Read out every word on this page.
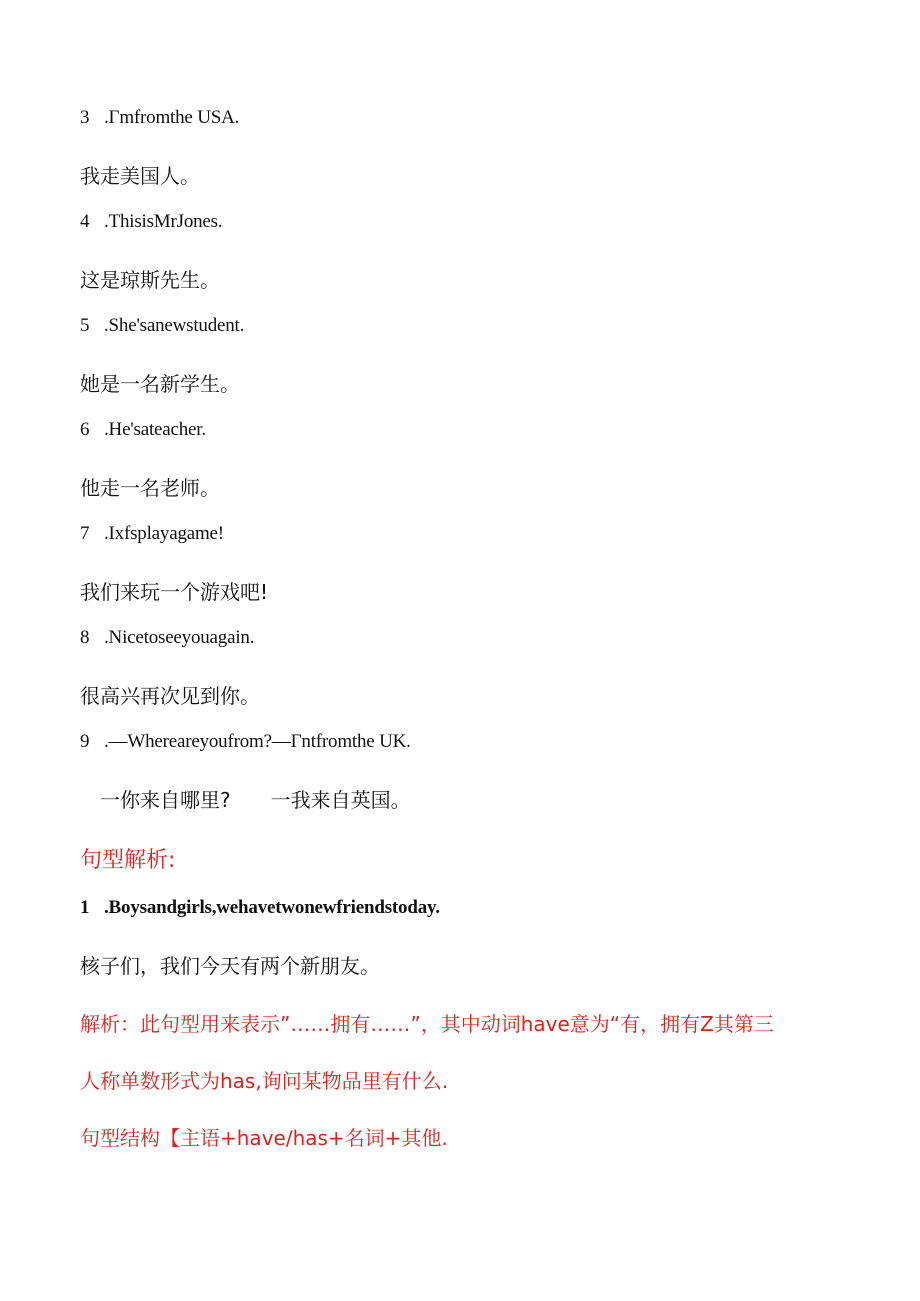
3 .Γmfromthe USA.
我走美国人。
4 .ThisisMrJones.
这是琼斯先生。
5 .She'sanewstudent.
她是一名新学生。
6 .He'sateacher.
他走一名老师。
7 .Ixfsplayagame!
我们来玩一个游戏吧!
8 .Nicetoseeyouagain.
很高兴再次见到你。
9 .—Whereareyoufrom?—Γntfromthe UK.
一你来自哪里?　　一我来自英国。
句型解析:
1 .Boysandgirls,wehavetwonewfriendstoday.
核子们，我们今天有两个新朋友。
解析：此句型用来表示”……拥有……”，其中动词have意为“有，拥有Z其第三
人称单数形式为has,询问某物品里有什么.
句型结构【主语+have∕has+名词+其他.
